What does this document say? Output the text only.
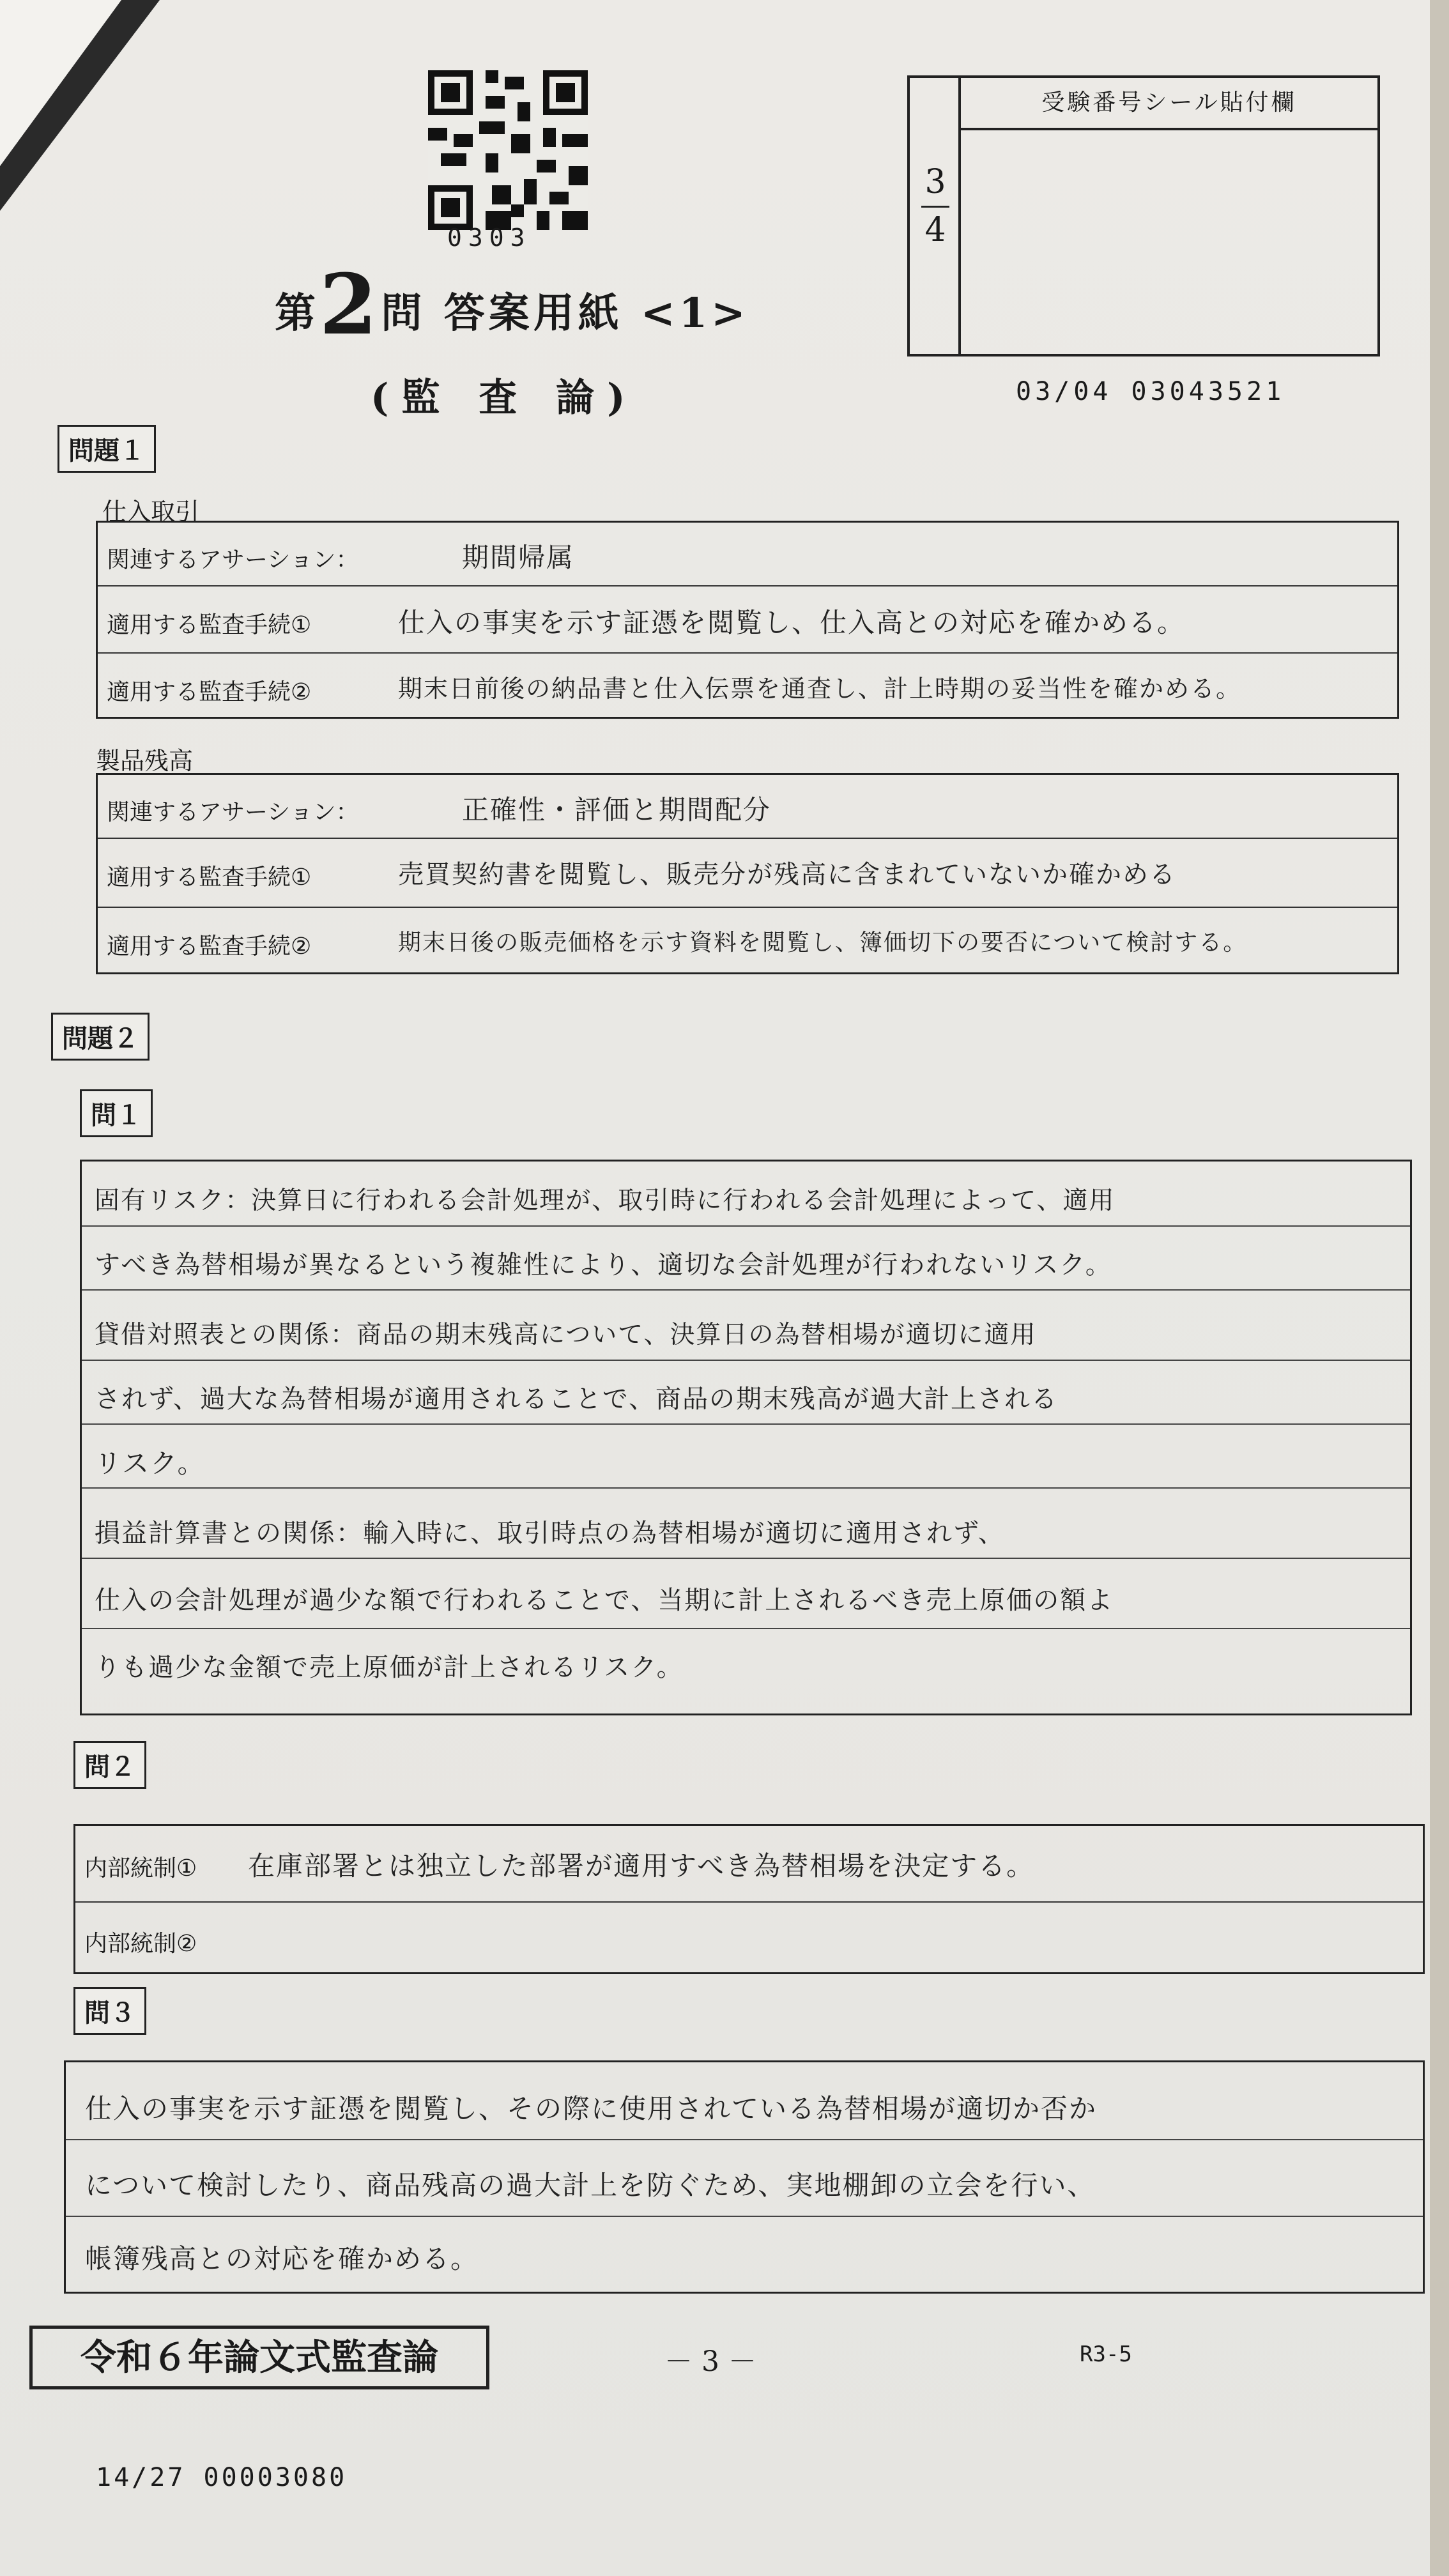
0303
第2問 答案用紙 <1>
(監 査 論)
3
4
受験番号シール貼付欄
03/04 03043521
問題１
仕入取引
関連するアサーション：	期間帰属
適用する監査手続①	仕入の事実を示す証憑を閲覧し、仕入高との対応を確かめる。
適用する監査手続②	期末日前後の納品書と仕入伝票を通査し、計上時期の妥当性を確かめる。
製品残高
関連するアサーション：	正確性・評価と期間配分
適用する監査手続①	売買契約書を閲覧し、販売分が残高に含まれていないか確かめる
適用する監査手続②	期末日後の販売価格を示す資料を閲覧し、簿価切下の要否について検討する。
問題２
問１
固有リスク：決算日に行われる会計処理が、取引時に行われる会計処理によって、適用
すべき為替相場が異なるという複雑性により、適切な会計処理が行われないリスク。
貸借対照表との関係：商品の期末残高について、決算日の為替相場が適切に適用
されず、過大な為替相場が適用されることで、商品の期末残高が過大計上される
リスク。
損益計算書との関係：輸入時に、取引時点の為替相場が適切に適用されず、
仕入の会計処理が過少な額で行われることで、当期に計上されるべき売上原価の額よ
りも過少な金額で売上原価が計上されるリスク。
問２
内部統制① 在庫部署とは独立した部署が適用すべき為替相場を決定する。
内部統制②
問３
仕入の事実を示す証憑を閲覧し、その際に使用されている為替相場が適切か否か
について検討したり、商品残高の過大計上を防ぐため、実地棚卸の立会を行い、
帳簿残高との対応を確かめる。
令和６年論文式監査論	－ 3 －	R3-5
14/27 00003080
